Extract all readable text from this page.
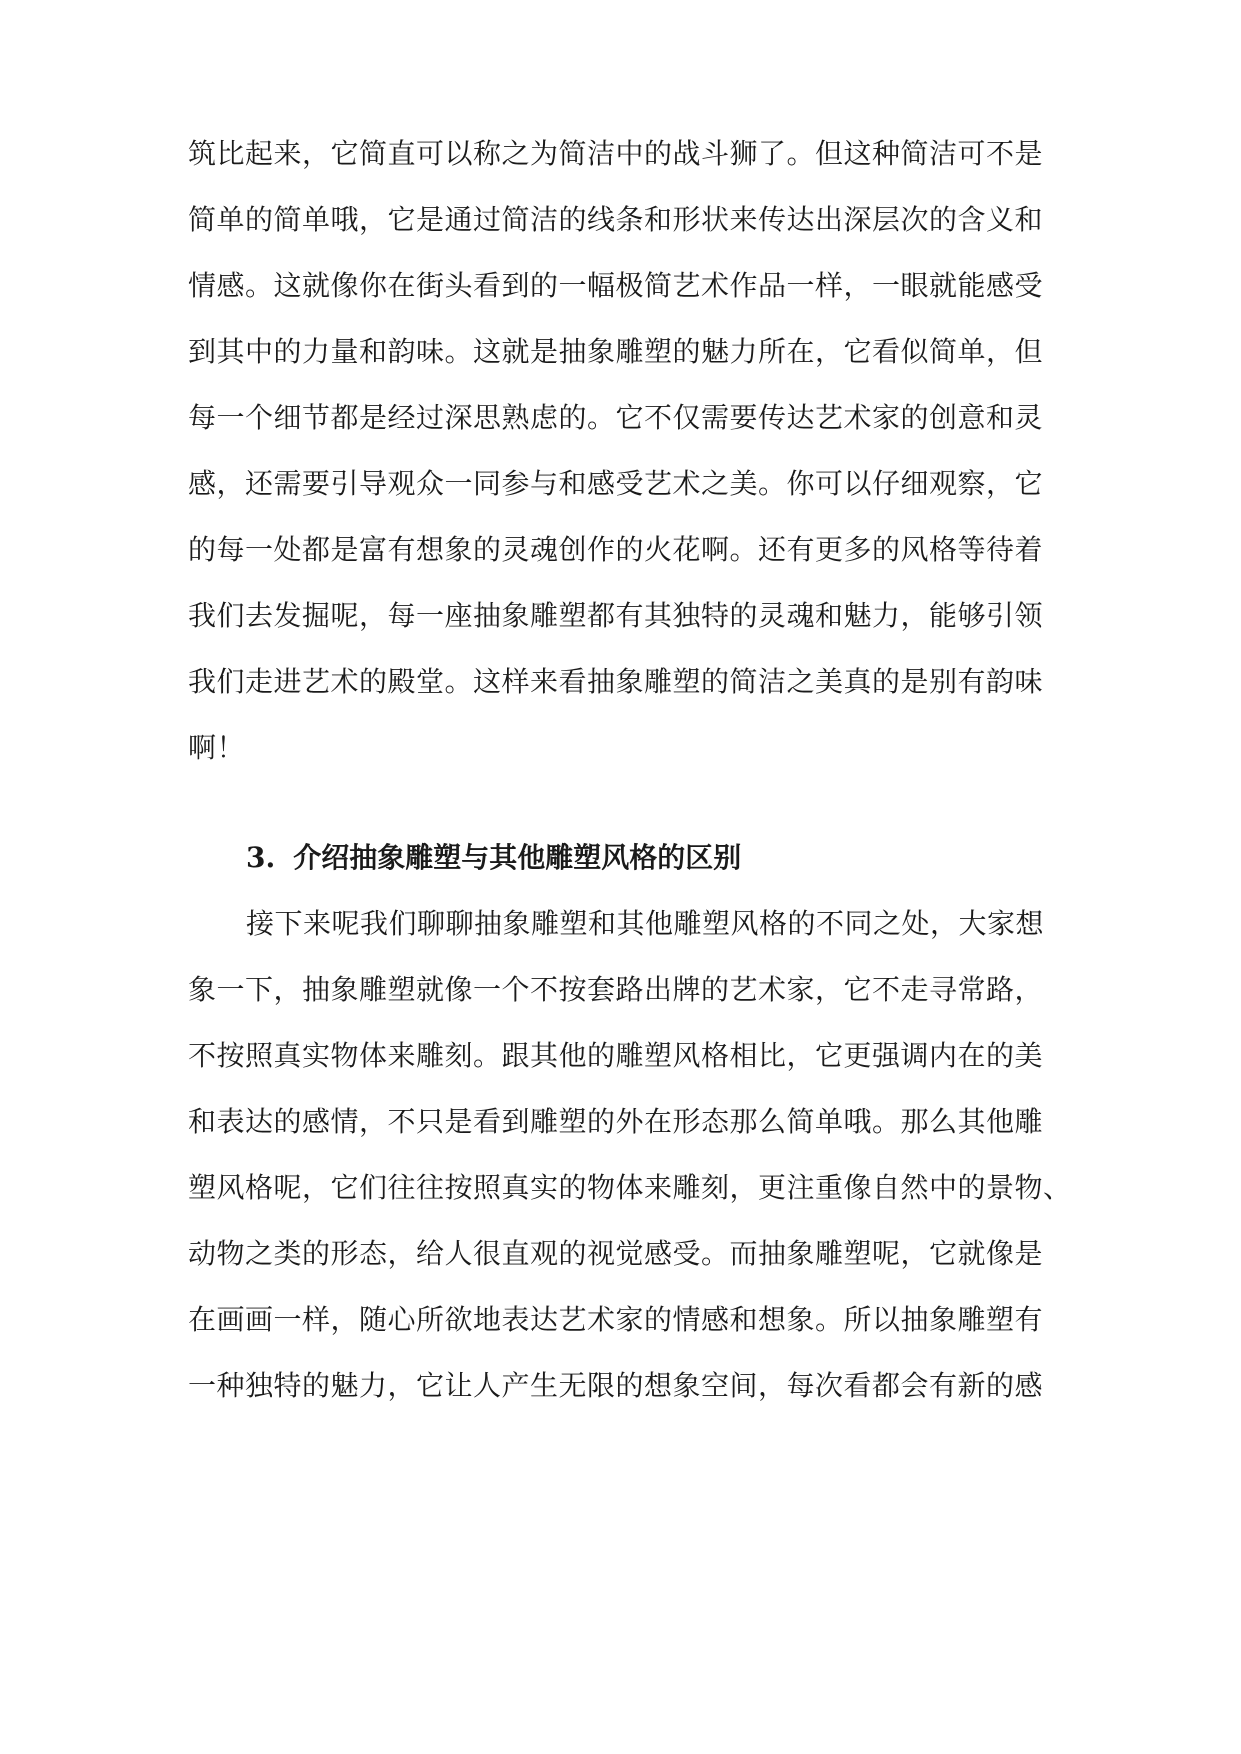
筑比起来，它简直可以称之为简洁中的战斗狮了。但这种简洁可不是

简单的简单哦，它是通过简洁的线条和形状来传达出深层次的含义和

情感。这就像你在街头看到的一幅极简艺术作品一样，一眼就能感受

到其中的力量和韵味。这就是抽象雕塑的魅力所在，它看似简单，但

每一个细节都是经过深思熟虑的。它不仅需要传达艺术家的创意和灵

感，还需要引导观众一同参与和感受艺术之美。你可以仔细观察，它

的每一处都是富有想象的灵魂创作的火花啊。还有更多的风格等待着

我们去发掘呢，每一座抽象雕塑都有其独特的灵魂和魅力，能够引领

我们走进艺术的殿堂。这样来看抽象雕塑的简洁之美真的是别有韵味

啊！

3. 介绍抽象雕塑与其他雕塑风格的区别

接下来呢我们聊聊抽象雕塑和其他雕塑风格的不同之处，大家想

象一下，抽象雕塑就像一个不按套路出牌的艺术家，它不走寻常路，

不按照真实物体来雕刻。跟其他的雕塑风格相比，它更强调内在的美

和表达的感情，不只是看到雕塑的外在形态那么简单哦。那么其他雕

塑风格呢，它们往往按照真实的物体来雕刻，更注重像自然中的景物、

动物之类的形态，给人很直观的视觉感受。而抽象雕塑呢，它就像是

在画画一样，随心所欲地表达艺术家的情感和想象。所以抽象雕塑有

一种独特的魅力，它让人产生无限的想象空间，每次看都会有新的感
